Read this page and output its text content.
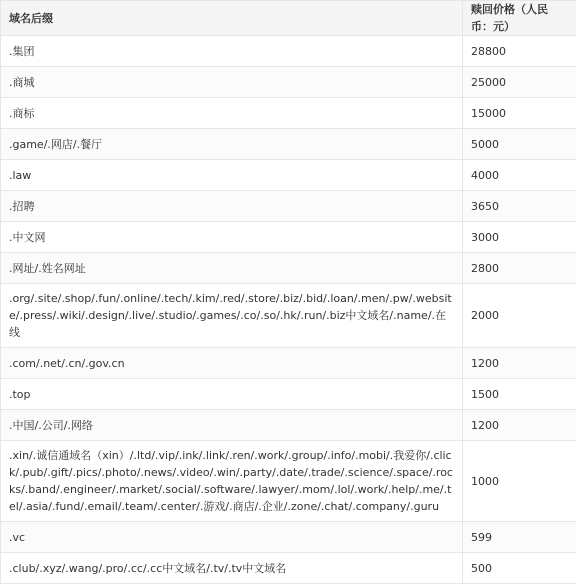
域名后缀	赎回价格（人民币：元）
.集团	28800
.商城	25000
.商标	15000
.game/.网店/.餐厅	5000
.law	4000
.招聘	3650
.中文网	3000
.网址/.姓名网址	2800
.org/.site/.shop/.fun/.online/.tech/.kim/.red/.store/.biz/.bid/.loan/.men/.pw/.website/.press/.wiki/.design/.live/.studio/.games/.co/.so/.hk/.run/.biz中文域名/.name/.在线	2000
.com/.net/.cn/.gov.cn	1200
.top	1500
.中国/.公司/.网络	1200
.xin/.诚信通域名（xin）/.ltd/.vip/.ink/.link/.ren/.work/.group/.info/.mobi/.我爱你/.click/.pub/.gift/.pics/.photo/.news/.video/.win/.party/.date/.trade/.science/.space/.rocks/.band/.engineer/.market/.social/.software/.lawyer/.mom/.lol/.work/.help/.me/.tel/.asia/.fund/.email/.team/.center/.游戏/.商店/.企业/.zone/.chat/.company/.guru	1000
.vc	599
.club/.xyz/.wang/.pro/.cc/.cc中文域名/.tv/.tv中文域名	500
